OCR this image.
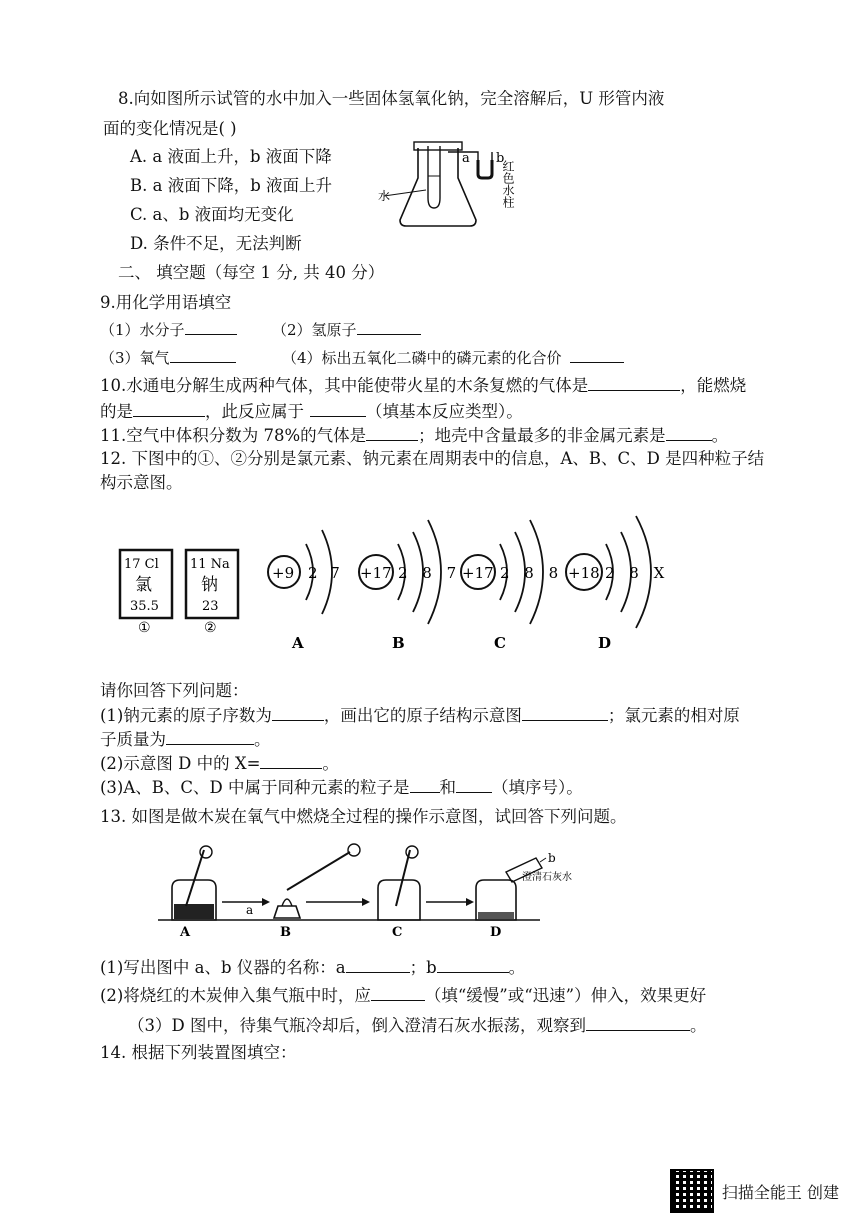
8.向如图所示试管的水中加入一些固体氢氧化钠，完全溶解后，U 形管内液
面的变化情况是( )
A. a 液面上升，b 液面下降
B. a 液面下降，b 液面上升
C. a、b 液面均无变化
D. 条件不足，无法判断
水
a b
红色水柱
二、 填空题（每空 1 分, 共 40 分）
9.用化学用语填空
（1）水分子	（2）氢原子
（3）氧气	（4）标出五氧化二磷中的磷元素的化合价
10.水通电分解生成两种气体，其中能使带火星的木条复燃的气体是	，能燃烧
的是	，此反应属于	（填基本反应类型）。
11.空气中体积分数为 78%的气体是	；地壳中含量最多的非金属元素是	。
12. 下图中的①、②分别是氯元素、钠元素在周期表中的信息，A、B、C、D 是四种粒子结
构示意图。
17 Cl
氯
35.5
①
11 Na
钠
23
②
+9 2 7
A
+17 2 8 7
B
+17 2 8 8
C
+18 2 8 X
D
请你回答下列问题：
(1)钠元素的原子序数为	，画出它的原子结构示意图	；氯元素的相对原
子质量为	。
(2)示意图 D 中的 X=	。
(3)A、B、C、D 中属于同种元素的粒子是 和 （填序号）。
13. 如图是做木炭在氧气中燃烧全过程的操作示意图，试回答下列问题。
a
b
澄清石灰水
A	B	C	D
(1)写出图中 a、b 仪器的名称：a	；b	。
(2)将烧红的木炭伸入集气瓶中时，应	（填“缓慢”或“迅速”）伸入，效果更好
（3）D 图中，待集气瓶冷却后，倒入澄清石灰水振荡，观察到	。
14. 根据下列装置图填空：
扫描全能王 创建
